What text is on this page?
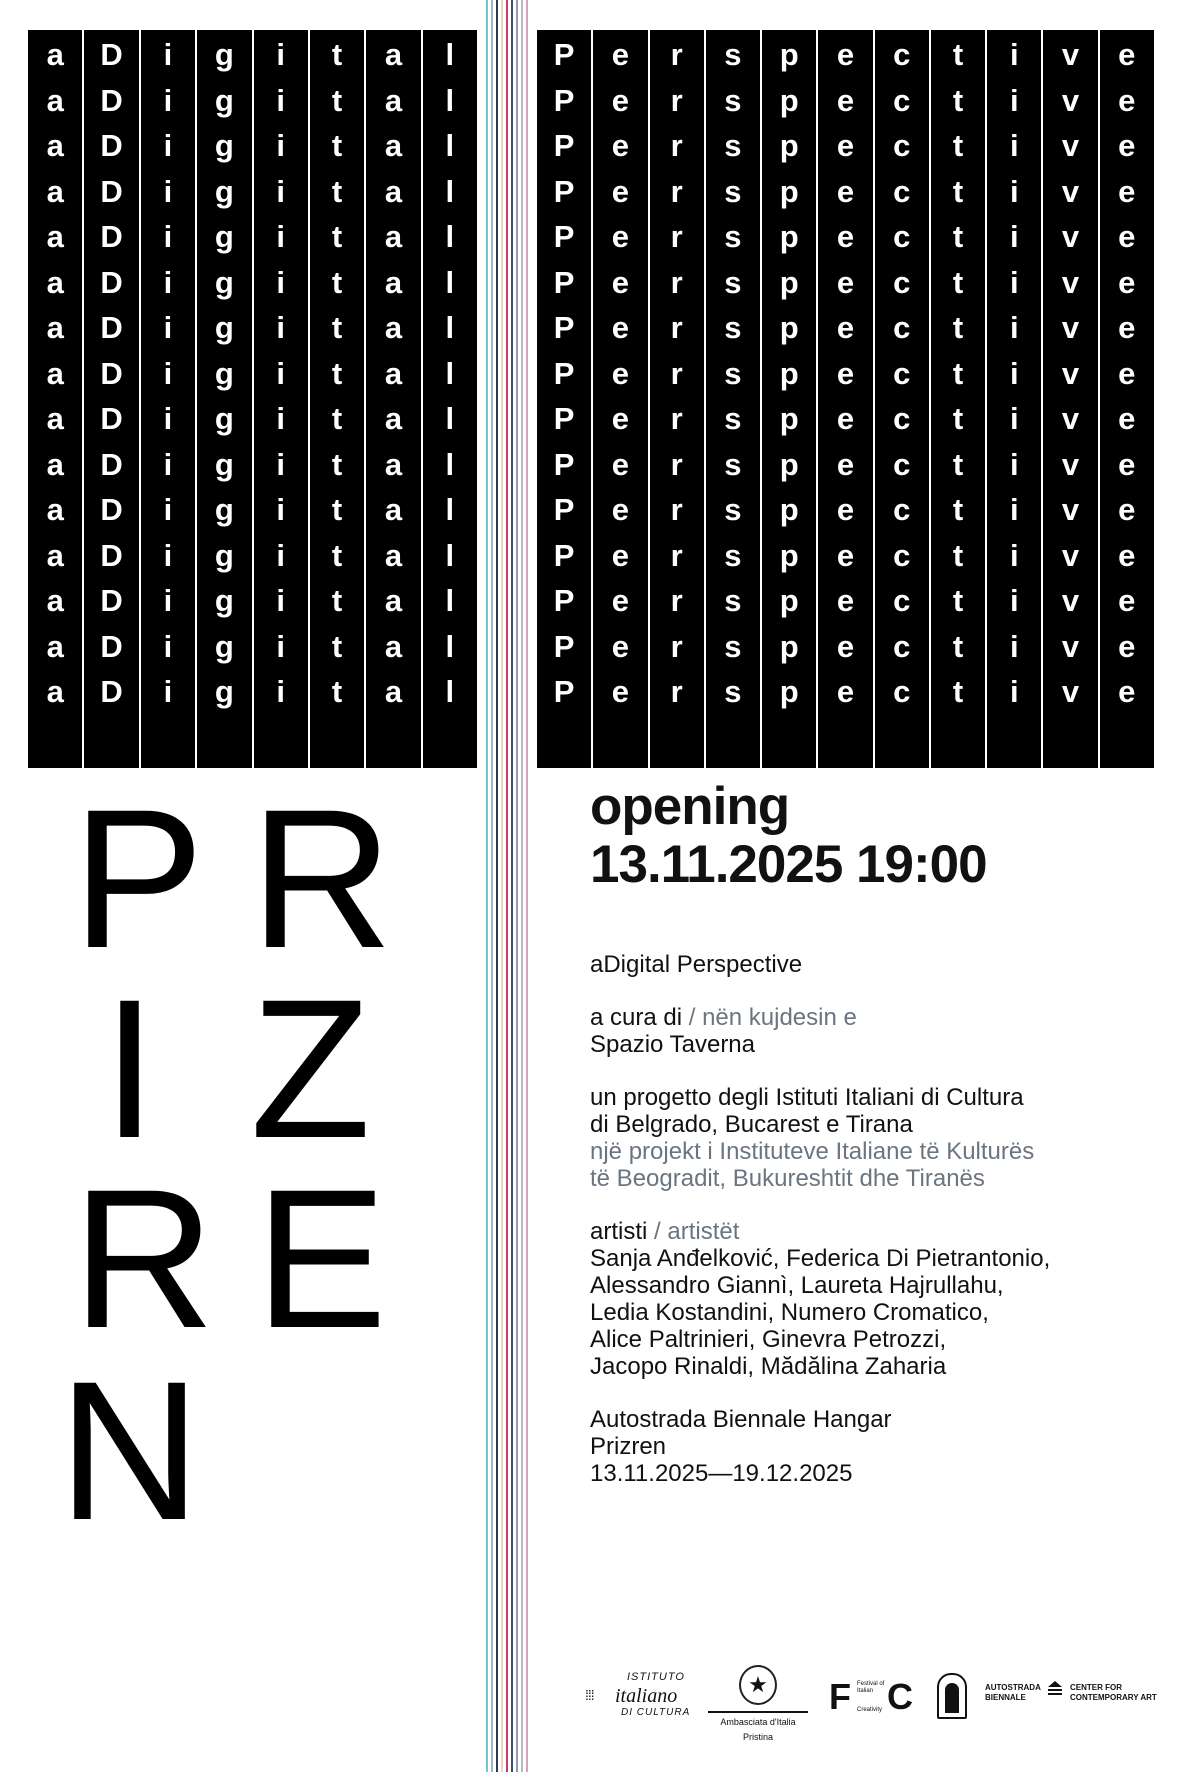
a
a
a
a
a
a
a
a
a
a
a
a
a
a
a
D
D
D
D
D
D
D
D
D
D
D
D
D
D
D
i
i
i
i
i
i
i
i
i
i
i
i
i
i
i
g
g
g
g
g
g
g
g
g
g
g
g
g
g
g
i
i
i
i
i
i
i
i
i
i
i
i
i
i
i
t
t
t
t
t
t
t
t
t
t
t
t
t
t
t
a
a
a
a
a
a
a
a
a
a
a
a
a
a
a
l
l
l
l
l
l
l
l
l
l
l
l
l
l
l
P
P
P
P
P
P
P
P
P
P
P
P
P
P
P
e
e
e
e
e
e
e
e
e
e
e
e
e
e
e
r
r
r
r
r
r
r
r
r
r
r
r
r
r
r
s
s
s
s
s
s
s
s
s
s
s
s
s
s
s
p
p
p
p
p
p
p
p
p
p
p
p
p
p
p
e
e
e
e
e
e
e
e
e
e
e
e
e
e
e
c
c
c
c
c
c
c
c
c
c
c
c
c
c
c
t
t
t
t
t
t
t
t
t
t
t
t
t
t
t
i
i
i
i
i
i
i
i
i
i
i
i
i
i
i
v
v
v
v
v
v
v
v
v
v
v
v
v
v
v
e
e
e
e
e
e
e
e
e
e
e
e
e
e
e
P R
I Z
R E
N
opening
13.11.2025 19:00

aDigital Perspective

a cura di / nën kujdesin e

Spazio Taverna

un progetto degli Istituti Italiani di Cultura

di Belgrado, Bucarest e Tirana

një projekt i Instituteve Italiane të Kulturës

të Beogradit, Bukureshtit dhe Tiranës

artisti / artistët

Sanja Anđelković, Federica Di Pietrantonio,

Alessandro Giannì, Laureta Hajrullahu,

Ledia Kostandini, Numero Cromatico,

Alice Paltrinieri, Ginevra Petrozzi,

Jacopo Rinaldi, Mădălina Zaharia

Autostrada Biennale Hangar

Prizren

13.11.2025—19.12.2025

⁞⁞⁞
ISTITUTO
italiano
DI CULTURA
★
Ambasciata d'Italia
Pristina
F Festival of Italian
Creativity C	AUTOSTRADA
BIENNALE
CENTER FOR
CONTEMPORARY ART
